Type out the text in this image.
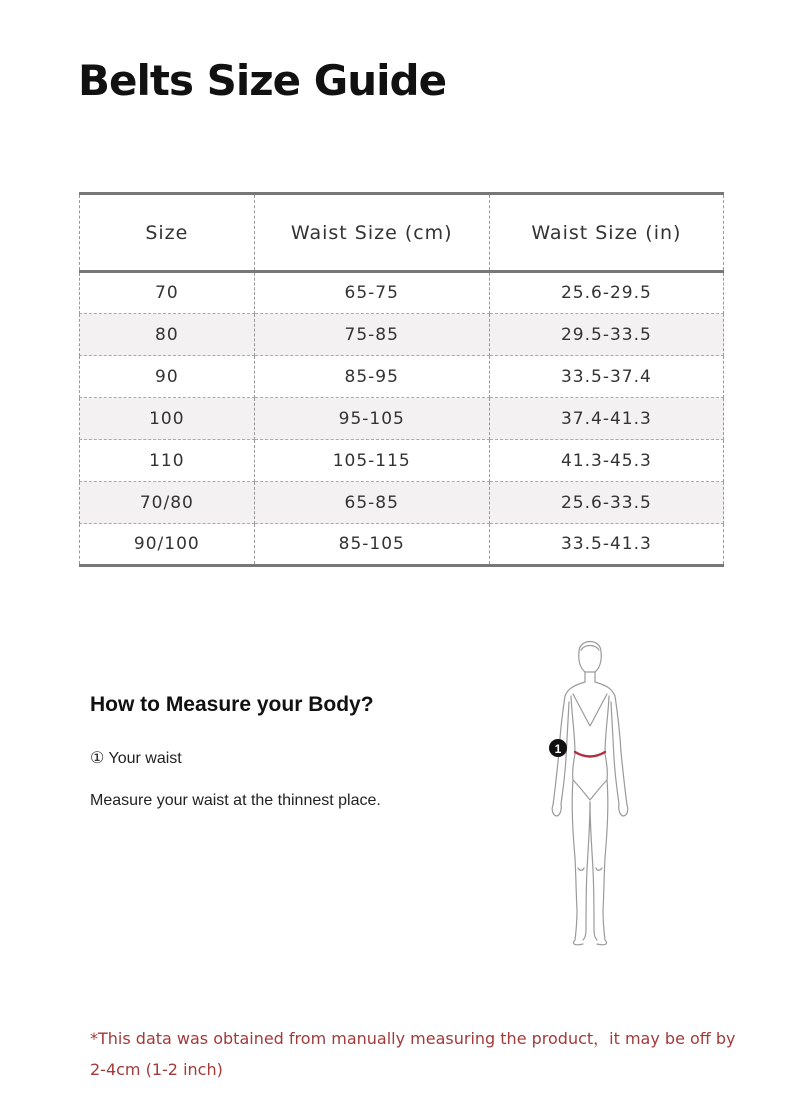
Belts Size Guide
Size	Waist Size (cm)	Waist Size (in)
70	65-75	25.6-29.5
80	75-85	29.5-33.5
90	85-95	33.5-37.4
100	95-105	37.4-41.3
110	105-115	41.3-45.3
70/80	65-85	25.6-33.5
90/100	85-105	33.5-41.3
How to Measure your Body?
① Your waist
Measure your waist at the thinnest place.
1
*This data was obtained from manually measuring the product，it may be off by 2-4cm (1-2 inch)
